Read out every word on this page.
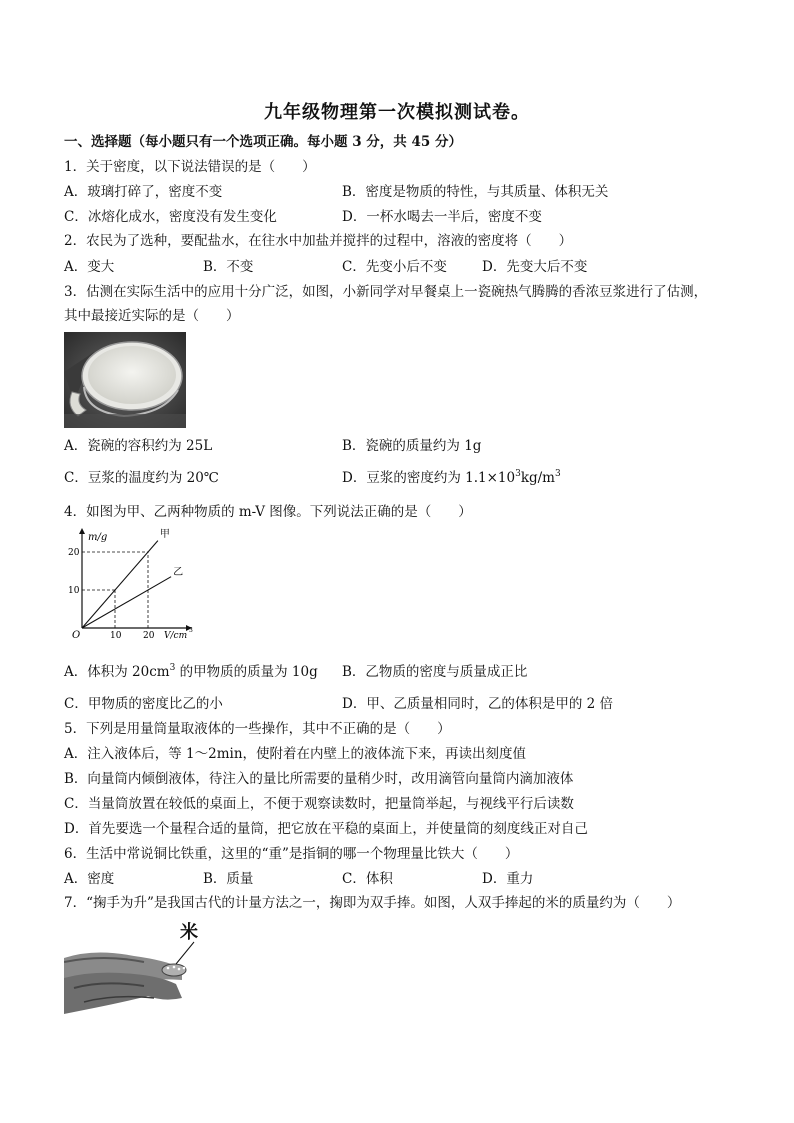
九年级物理第一次模拟测试卷。
一、选择题（每小题只有一个选项正确。每小题 3 分，共 45 分）
1．关于密度，以下说法错误的是（　　）
A．玻璃打碎了，密度不变	B．密度是物质的特性，与其质量、体积无关
C．冰熔化成水，密度没有发生变化	D．一杯水喝去一半后，密度不变
2．农民为了选种，要配盐水，在往水中加盐并搅拌的过程中，溶液的密度将（　　）
A．变大	B．不变	C．先变小后不变	D．先变大后不变
3．估测在实际生活中的应用十分广泛，如图，小新同学对早餐桌上一瓷碗热气腾腾的香浓豆浆进行了估测，
其中最接近实际的是（　　）
A．瓷碗的容积约为 25L	B．瓷碗的质量约为 1g
C．豆浆的温度约为 20℃	D．豆浆的密度约为 $1.1\times 10^3kg/m^3$
4．如图为甲、乙两种物质的 m-V 图像。下列说法正确的是（　　）
10 20
10
20
甲
乙
m/g
V/cm
3
O
A．体积为 $20cm^3$ 的甲物质的质量为 10g B．乙物质的密度与质量成正比
C．甲物质的密度比乙的小	D．甲、乙质量相同时，乙的体积是甲的 2 倍
5．下列是用量筒量取液体的一些操作，其中不正确的是（　　）
A．注入液体后，等 1～2min，使附着在内壁上的液体流下来，再读出刻度值
B．向量筒内倾倒液体，待注入的量比所需要的量稍少时，改用滴管向量筒内滴加液体
C．当量筒放置在较低的桌面上，不便于观察读数时，把量筒举起，与视线平行后读数
D．首先要选一个量程合适的量筒，把它放在平稳的桌面上，并使量筒的刻度线正对自己
6．生活中常说铜比铁重，这里的“重”是指铜的哪一个物理量比铁大（　　）
A．密度	B．质量	C．体积	D．重力
7．“掬手为升”是我国古代的计量方法之一，掬即为双手捧。如图，人双手捧起的米的质量约为（　　）
米
